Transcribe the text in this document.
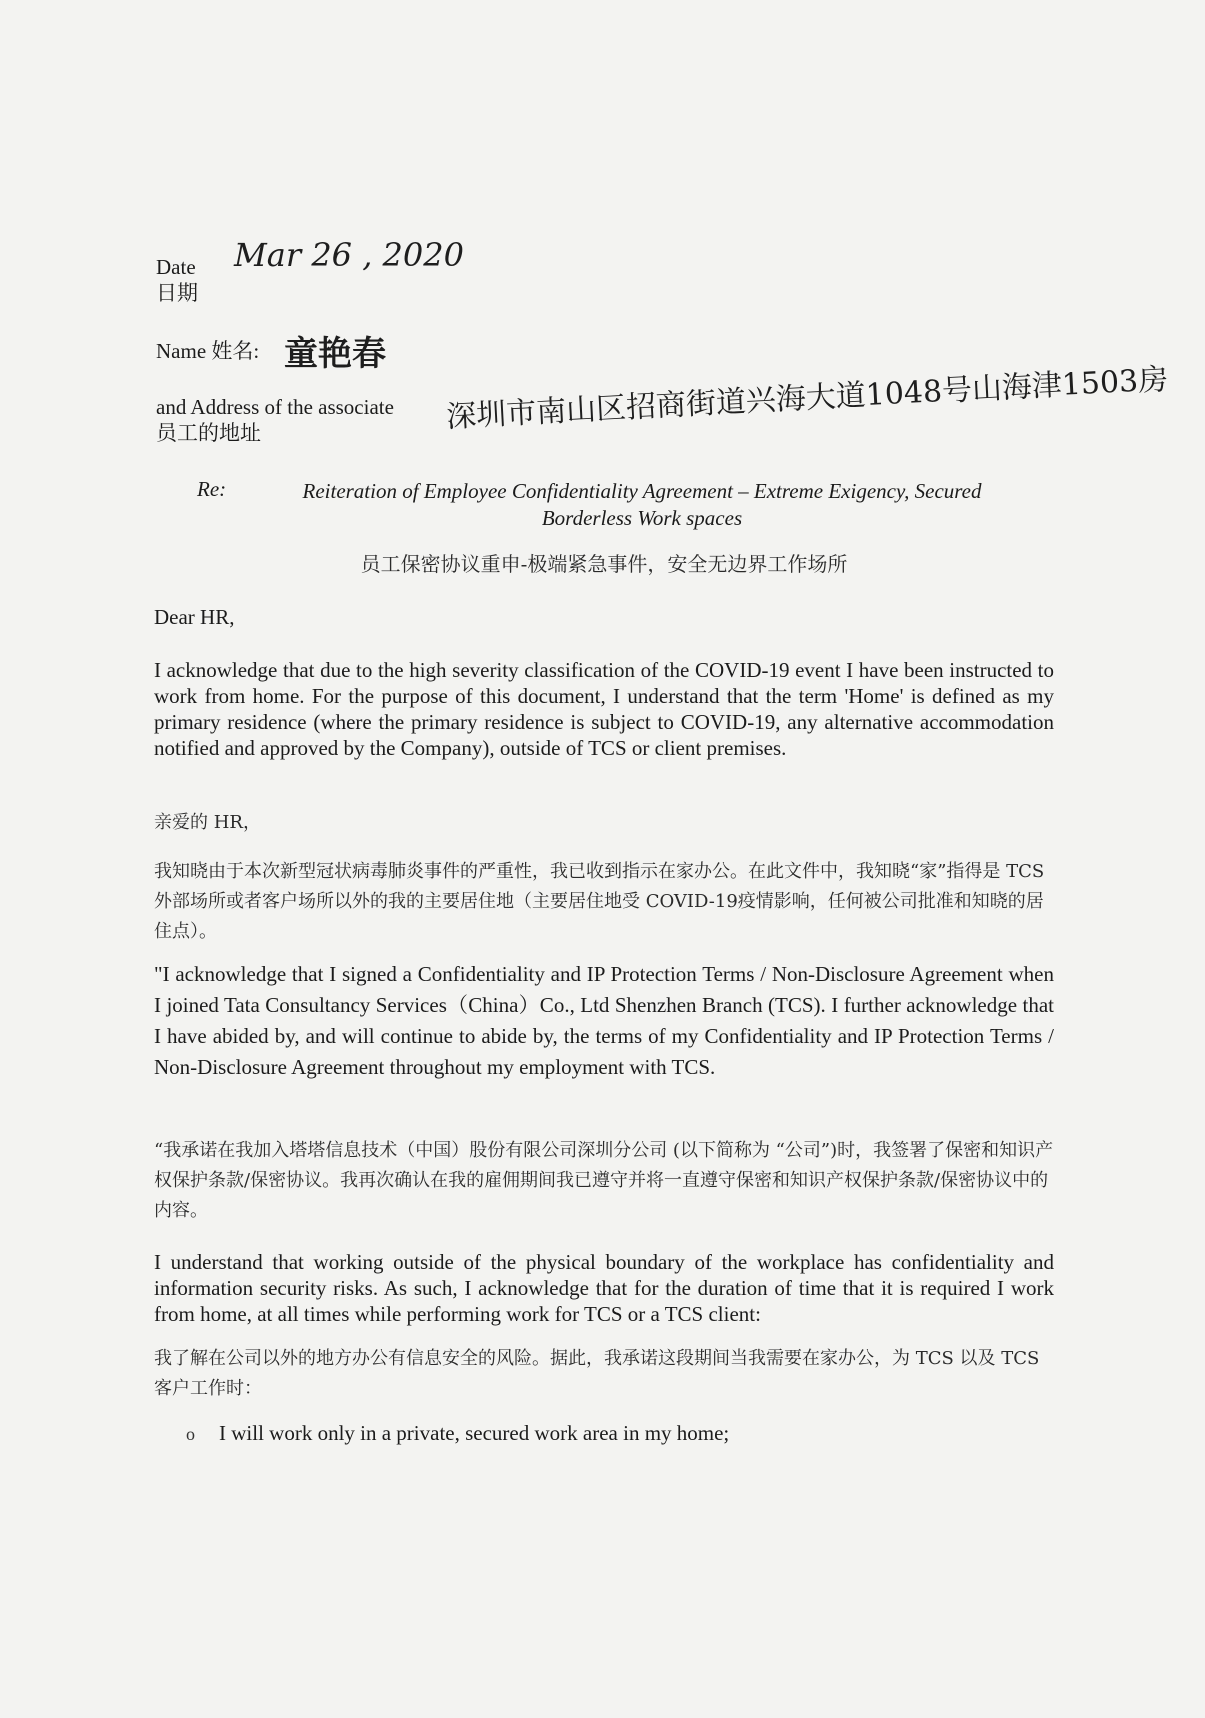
Date
日期
Mar 26 , 2020
Name 姓名: 童艳春
and Address of the associate
员工的地址	深圳市南山区招商街道兴海大道1048号山海津1503房
Re:	Reiteration of Employee Confidentiality Agreement – Extreme Exigency, Secured Borderless Work spaces
员工保密协议重申-极端紧急事件，安全无边界工作场所

Dear HR,

I acknowledge that due to the high severity classification of the COVID-19 event I have been instructed to work from home. For the purpose of this document, I understand that the term 'Home' is defined as my primary residence (where the primary residence is subject to COVID-19, any alternative accommodation notified and approved by the Company), outside of TCS or client premises.

亲爱的 HR，

我知晓由于本次新型冠状病毒肺炎事件的严重性，我已收到指示在家办公。在此文件中，我知晓“家”指得是 TCS 外部场所或者客户场所以外的我的主要居住地（主要居住地受 COVID-19疫情影响，任何被公司批准和知晓的居住点）。

"I acknowledge that I signed a Confidentiality and IP Protection Terms / Non-Disclosure Agreement when I joined Tata Consultancy Services（China）Co., Ltd Shenzhen Branch (TCS). I further acknowledge that I have abided by, and will continue to abide by, the terms of my Confidentiality and IP Protection Terms / Non-Disclosure Agreement throughout my employment with TCS.

“我承诺在我加入塔塔信息技术（中国）股份有限公司深圳分公司 (以下简称为 “公司”)时，我签署了保密和知识产权保护条款/保密协议。我再次确认在我的雇佣期间我已遵守并将一直遵守保密和知识产权保护条款/保密协议中的内容。

I understand that working outside of the physical boundary of the workplace has confidentiality and information security risks. As such, I acknowledge that for the duration of time that it is required I work from home, at all times while performing work for TCS or a TCS client:

我了解在公司以外的地方办公有信息安全的风险。据此，我承诺这段期间当我需要在家办公，为 TCS 以及 TCS 客户工作时：

o I will work only in a private, secured work area in my home;
